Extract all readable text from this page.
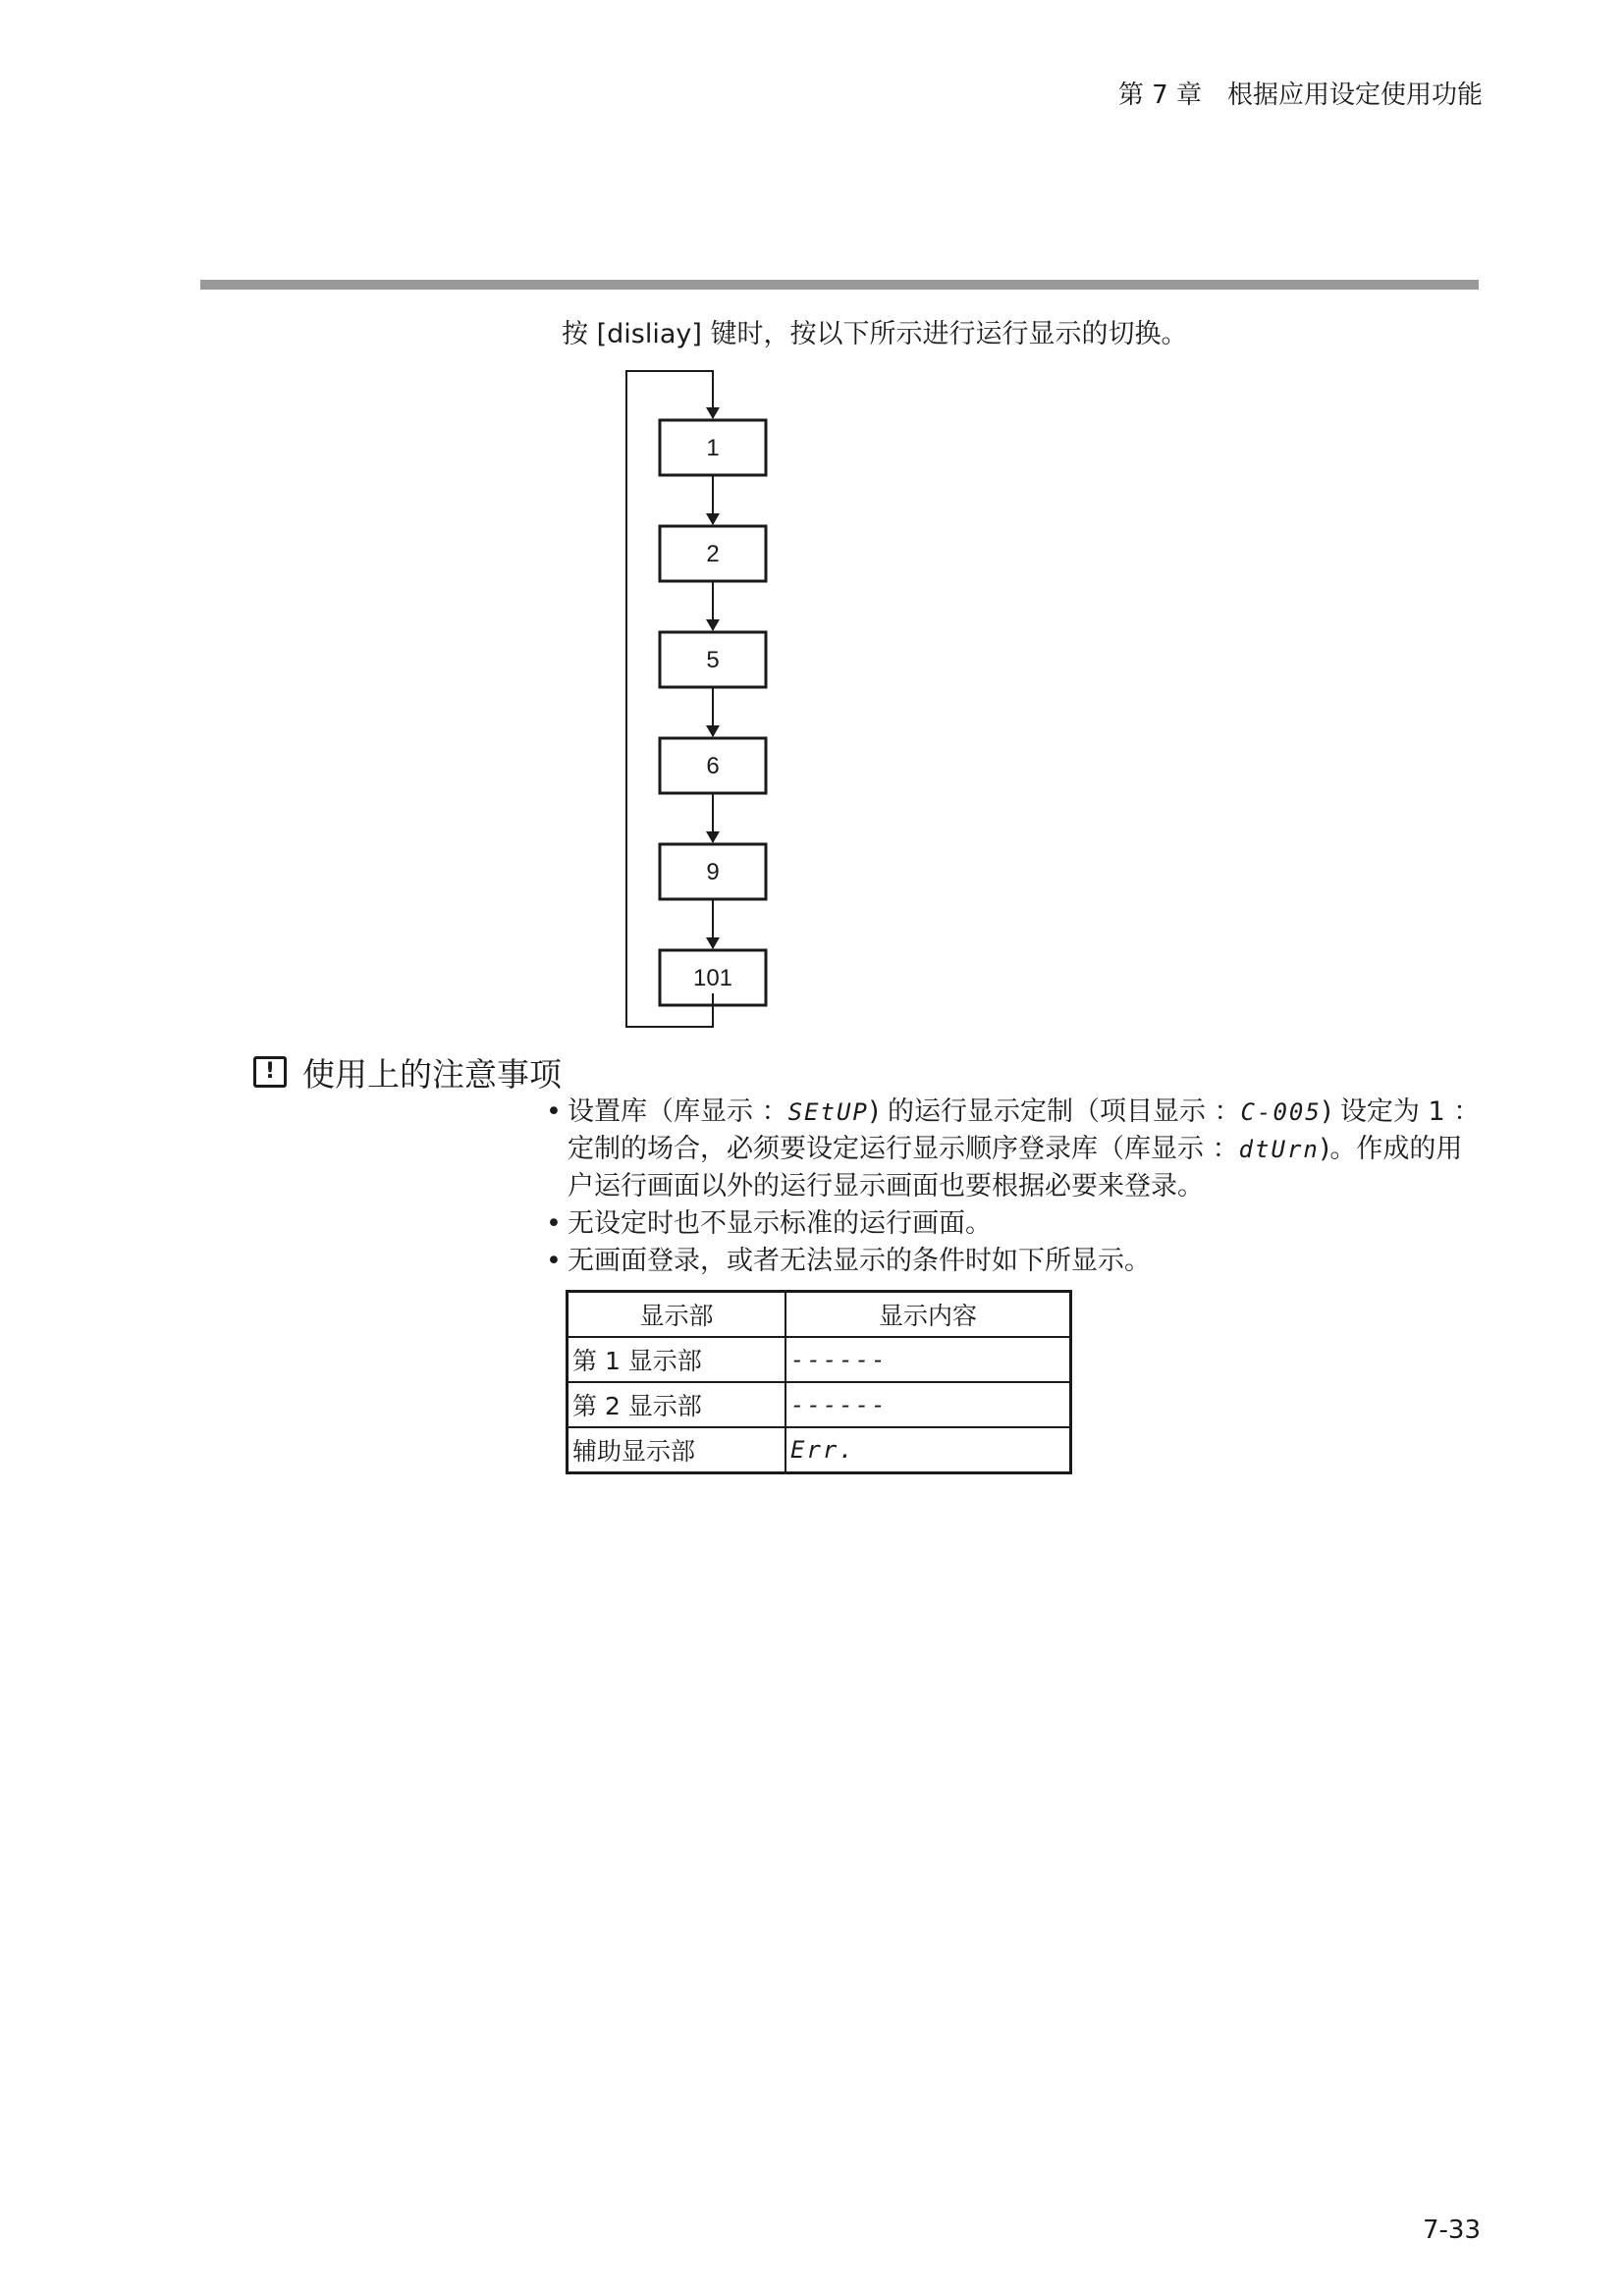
第 7 章　根据应用设定使用功能
按 [disliay] 键时，按以下所示进行运行显示的切换。
1
2
5
6
9
101
! 使用上的注意事项
• 设置库（库显示 ：SEtUP) 的运行显示定制（项目显示 ：C-005) 设定为 1 ：定制的场合，必须要设定运行显示顺序登录库（库显示 ：dtUrn)。作成的用户运行画面以外的运行显示画面也要根据必要来登录。
• 无设定时也不显示标准的运行画面。
• 无画面登录，或者无法显示的条件时如下所显示。
显示部	显示内容
第 1 显示部	------
第 2 显示部	------
辅助显示部	Err.
7-33
